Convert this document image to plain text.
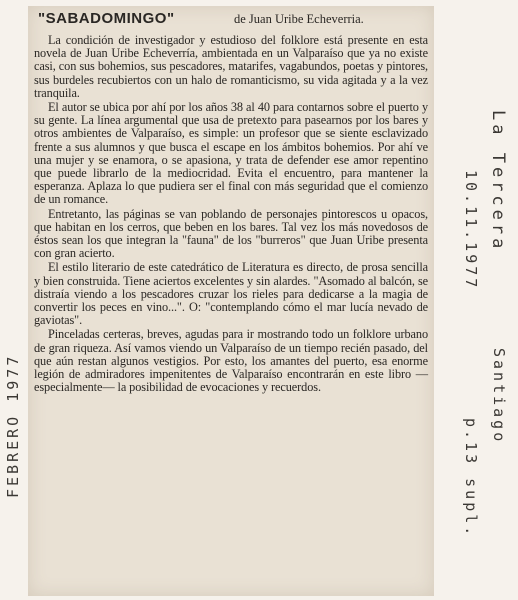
"SABADOMINGO"	de Juan Uribe Echeverria.

La condición de investigador y estudioso del folklore está presente en esta novela de Juan Uribe Echeverría, ambientada en un Valparaíso que ya no existe casi, con sus bohemios, sus pescadores, matarifes, vagabundos, poetas y pintores, sus burdeles recubiertos con un halo de romanticismo, su vida agitada y a la vez tranquila.

El autor se ubica por ahí por los años 38 al 40 para contarnos sobre el puerto y su gente. La línea argumental que usa de pretexto para pasearnos por los bares y otros ambientes de Valparaíso, es simple: un profesor que se siente esclavizado frente a sus alumnos y que busca el escape en los ámbitos bohemios. Por ahí ve una mujer y se enamora, o se apasiona, y trata de defender ese amor repentino que puede librarlo de la mediocridad. Evita el encuentro, para mantener la esperanza. Aplaza lo que pudiera ser el final con más seguridad que el comienzo de un romance.

Entretanto, las páginas se van poblando de personajes pintorescos u opacos, que habitan en los cerros, que beben en los bares. Tal vez los más novedosos de éstos sean los que integran la "fauna" de los "burreros" que Juan Uribe presenta con gran acierto.

El estilo literario de este catedrático de Literatura es directo, de prosa sencilla y bien construida. Tiene aciertos excelentes y sin alardes. "Asomado al balcón, se distraía viendo a los pescadores cruzar los rieles para dedicarse a la magia de convertir los peces en vino...". O: "contemplando cómo el mar lucía nevado de gaviotas".

Pinceladas certeras, breves, agudas para ir mostrando todo un folklore urbano de gran riqueza. Así vamos viendo un Valparaíso de un tiempo recién pasado, del que aún restan algunos vestigios. Por esto, los amantes del puerto, esa enorme legión de admiradores impenitentes de Valparaíso encontrarán en este libro —especialmente— la posibilidad de evocaciones y recuerdos.

FEBRERO 1977
La Tercera
10.11.1977
Santiago
p.13 supl.
